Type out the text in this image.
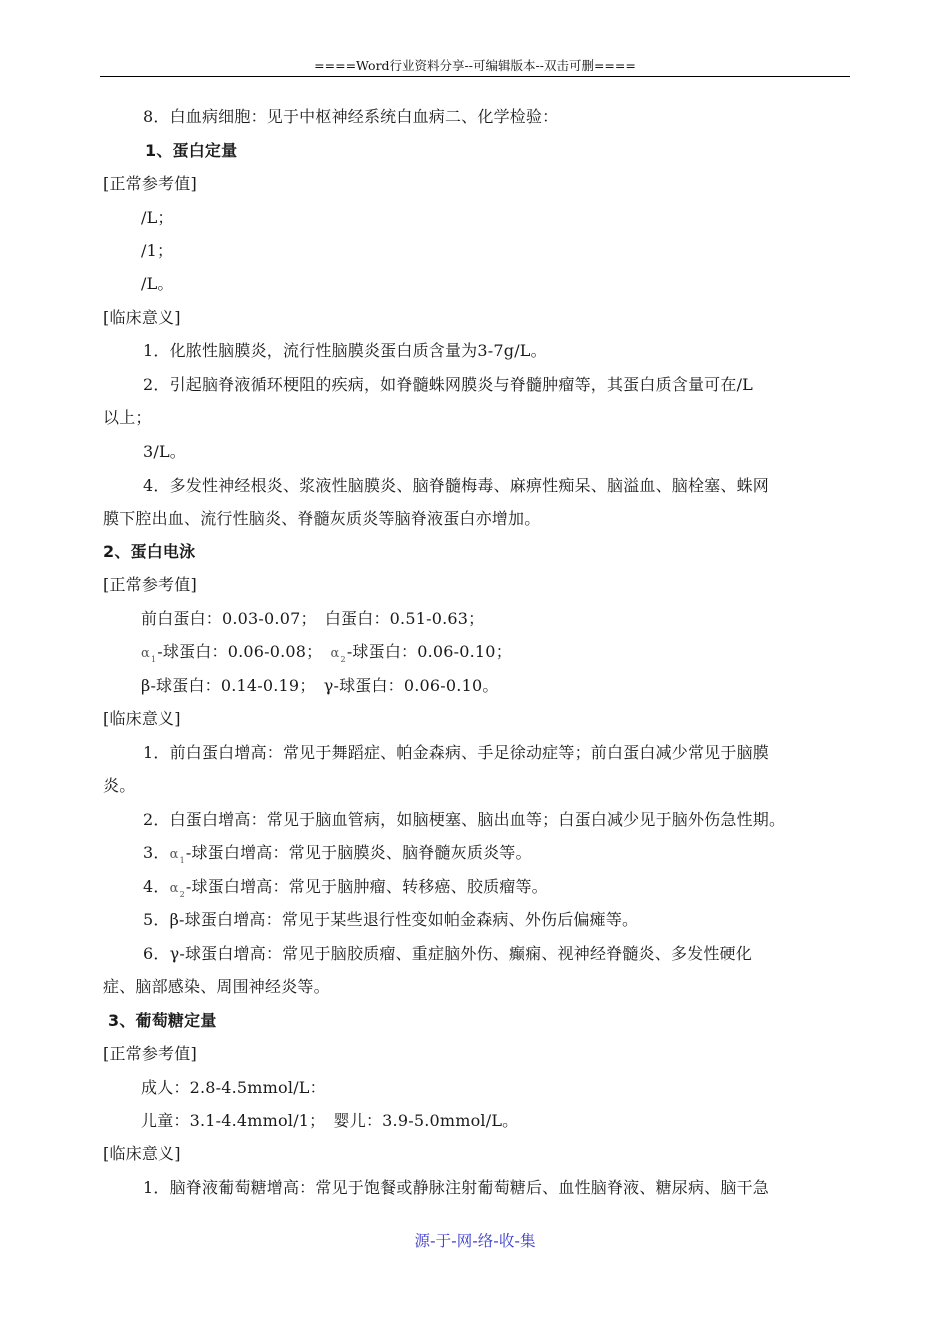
====Word行业资料分享--可编辑版本--双击可删====
8．白血病细胞：见于中枢神经系统白血病二、化学检验：
1、蛋白定量
[正常参考值]
/L；
/1；
/L。
[临床意义]
1．化脓性脑膜炎，流行性脑膜炎蛋白质含量为3-7g/L。
2．引起脑脊液循环梗阻的疾病，如脊髓蛛网膜炎与脊髓肿瘤等，其蛋白质含量可在/L
以上；
3/L。
4．多发性神经根炎、浆液性脑膜炎、脑脊髓梅毒、麻痹性痴呆、脑溢血、脑栓塞、蛛网
膜下腔出血、流行性脑炎、脊髓灰质炎等脑脊液蛋白亦增加。
2、蛋白电泳
[正常参考值]
前白蛋白：0.03-0.07；　白蛋白：0.51-0.63；
$\alpha_1-$球蛋白：0.06-0.08；　$\alpha_2-$球蛋白：0.06-0.10；
β-球蛋白：0.14-0.19；　γ-球蛋白：0.06-0.10。
[临床意义]
1．前白蛋白增高：常见于舞蹈症、帕金森病、手足徐动症等；前白蛋白减少常见于脑膜
炎。
2．白蛋白增高：常见于脑血管病，如脑梗塞、脑出血等；白蛋白减少见于脑外伤急性期。
3．$\alpha_1-$球蛋白增高：常见于脑膜炎、脑脊髓灰质炎等。
4．$\alpha_2-$球蛋白增高：常见于脑肿瘤、转移癌、胶质瘤等。
5．β-球蛋白增高：常见于某些退行性变如帕金森病、外伤后偏瘫等。
6．γ-球蛋白增高：常见于脑胶质瘤、重症脑外伤、癫痫、视神经脊髓炎、多发性硬化
症、脑部感染、周围神经炎等。
3、葡萄糖定量
[正常参考值]
成人：2.8-4.5mmol/L：
儿童：3.1-4.4mmol/1；　婴儿：3.9-5.0mmol/L。
[临床意义]
1．脑脊液葡萄糖增高：常见于饱餐或静脉注射葡萄糖后、血性脑脊液、糖尿病、脑干急
源-于-网-络-收-集
